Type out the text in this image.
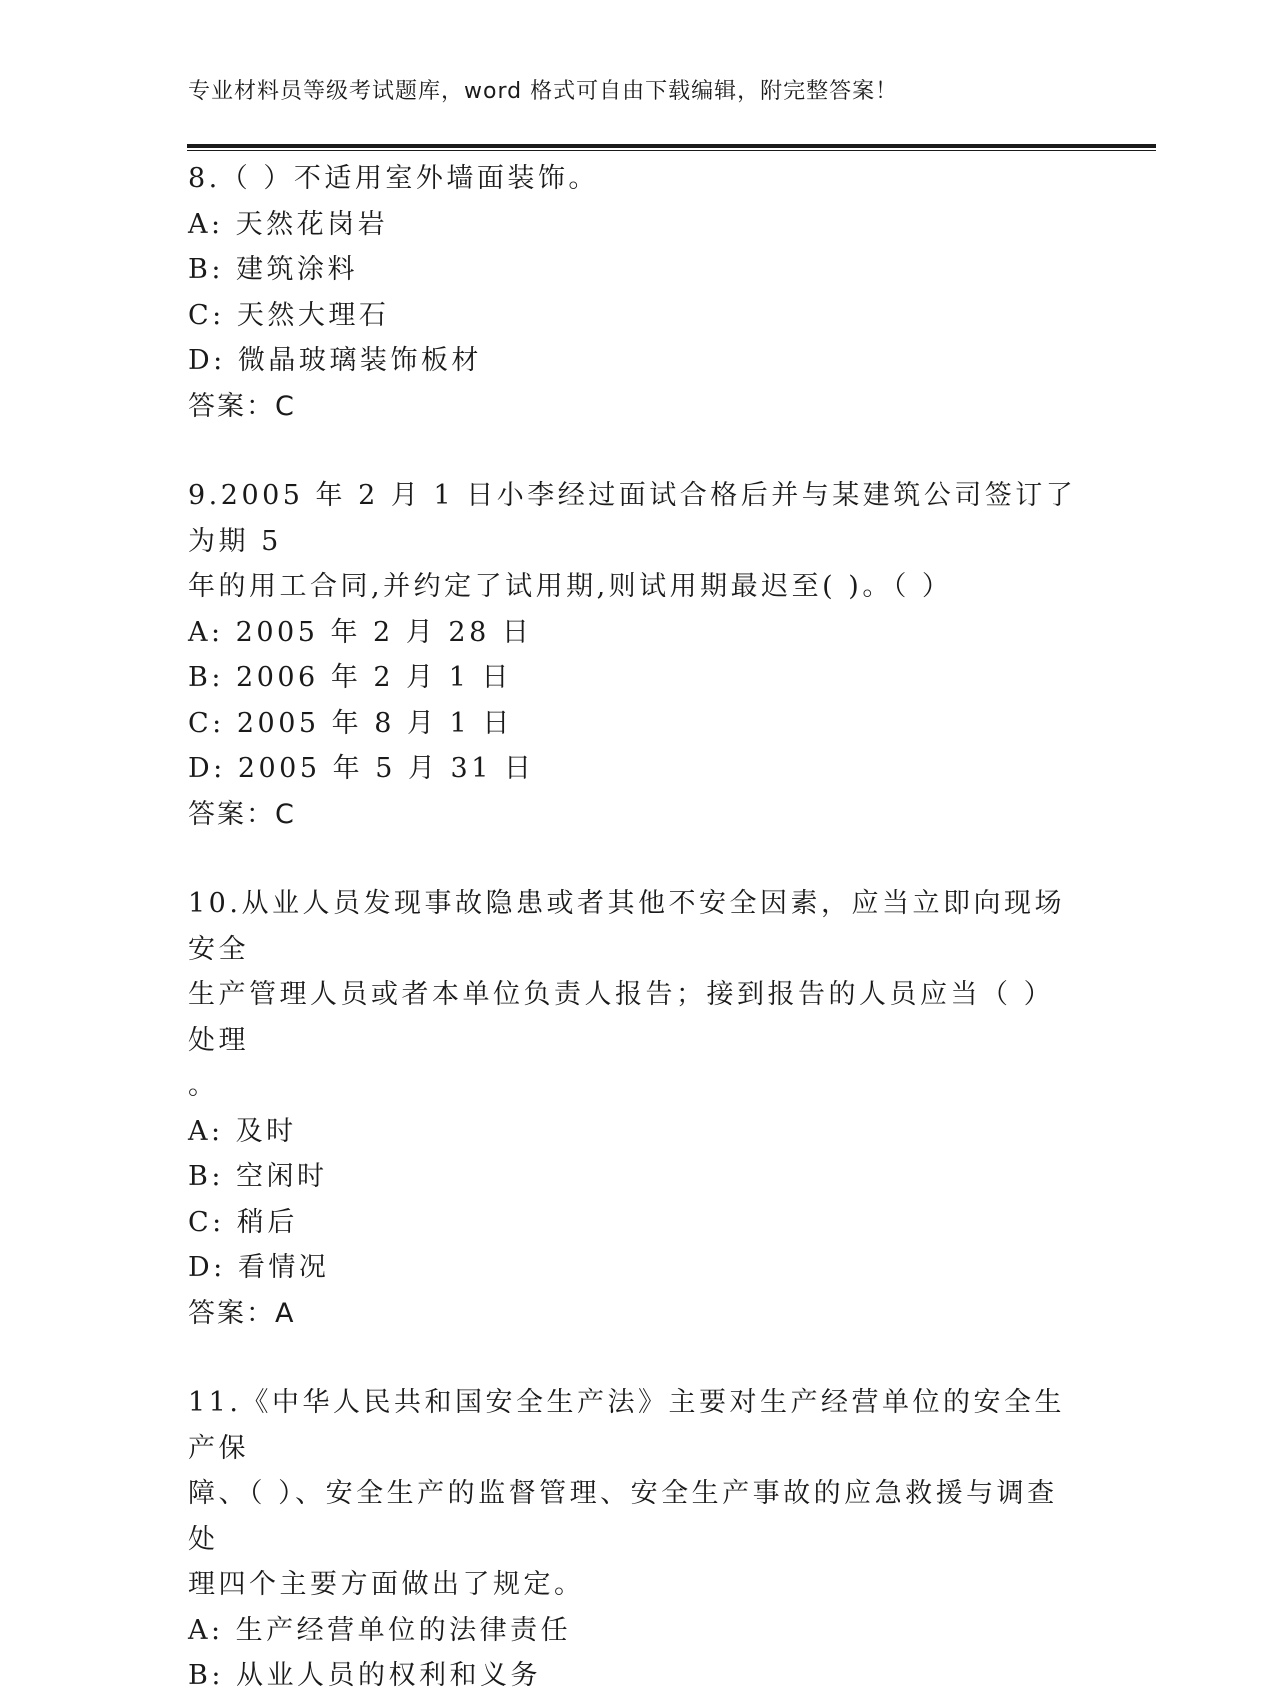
专业材料员等级考试题库，word 格式可自由下载编辑，附完整答案！

8.（ ）不适用室外墙面装饰。

A: 天然花岗岩

B: 建筑涂料

C: 天然大理石

D: 微晶玻璃装饰板材

答案：C

9.2005 年 2 月 1 日小李经过面试合格后并与某建筑公司签订了为期 5

年的用工合同,并约定了试用期,则试用期最迟至( )。（ ）

A: 2005 年 2 月 28 日

B: 2006 年 2 月 1 日

C: 2005 年 8 月 1 日

D: 2005 年 5 月 31 日

答案：C

10.从业人员发现事故隐患或者其他不安全因素，应当立即向现场安全

生产管理人员或者本单位负责人报告；接到报告的人员应当（ ）处理

。

A: 及时

B: 空闲时

C: 稍后

D: 看情况

答案：A

11.《中华人民共和国安全生产法》主要对生产经营单位的安全生产保

障、（ ）、安全生产的监督管理、安全生产事故的应急救援与调查处

理四个主要方面做出了规定。

A: 生产经营单位的法律责任

B: 从业人员的权利和义务
